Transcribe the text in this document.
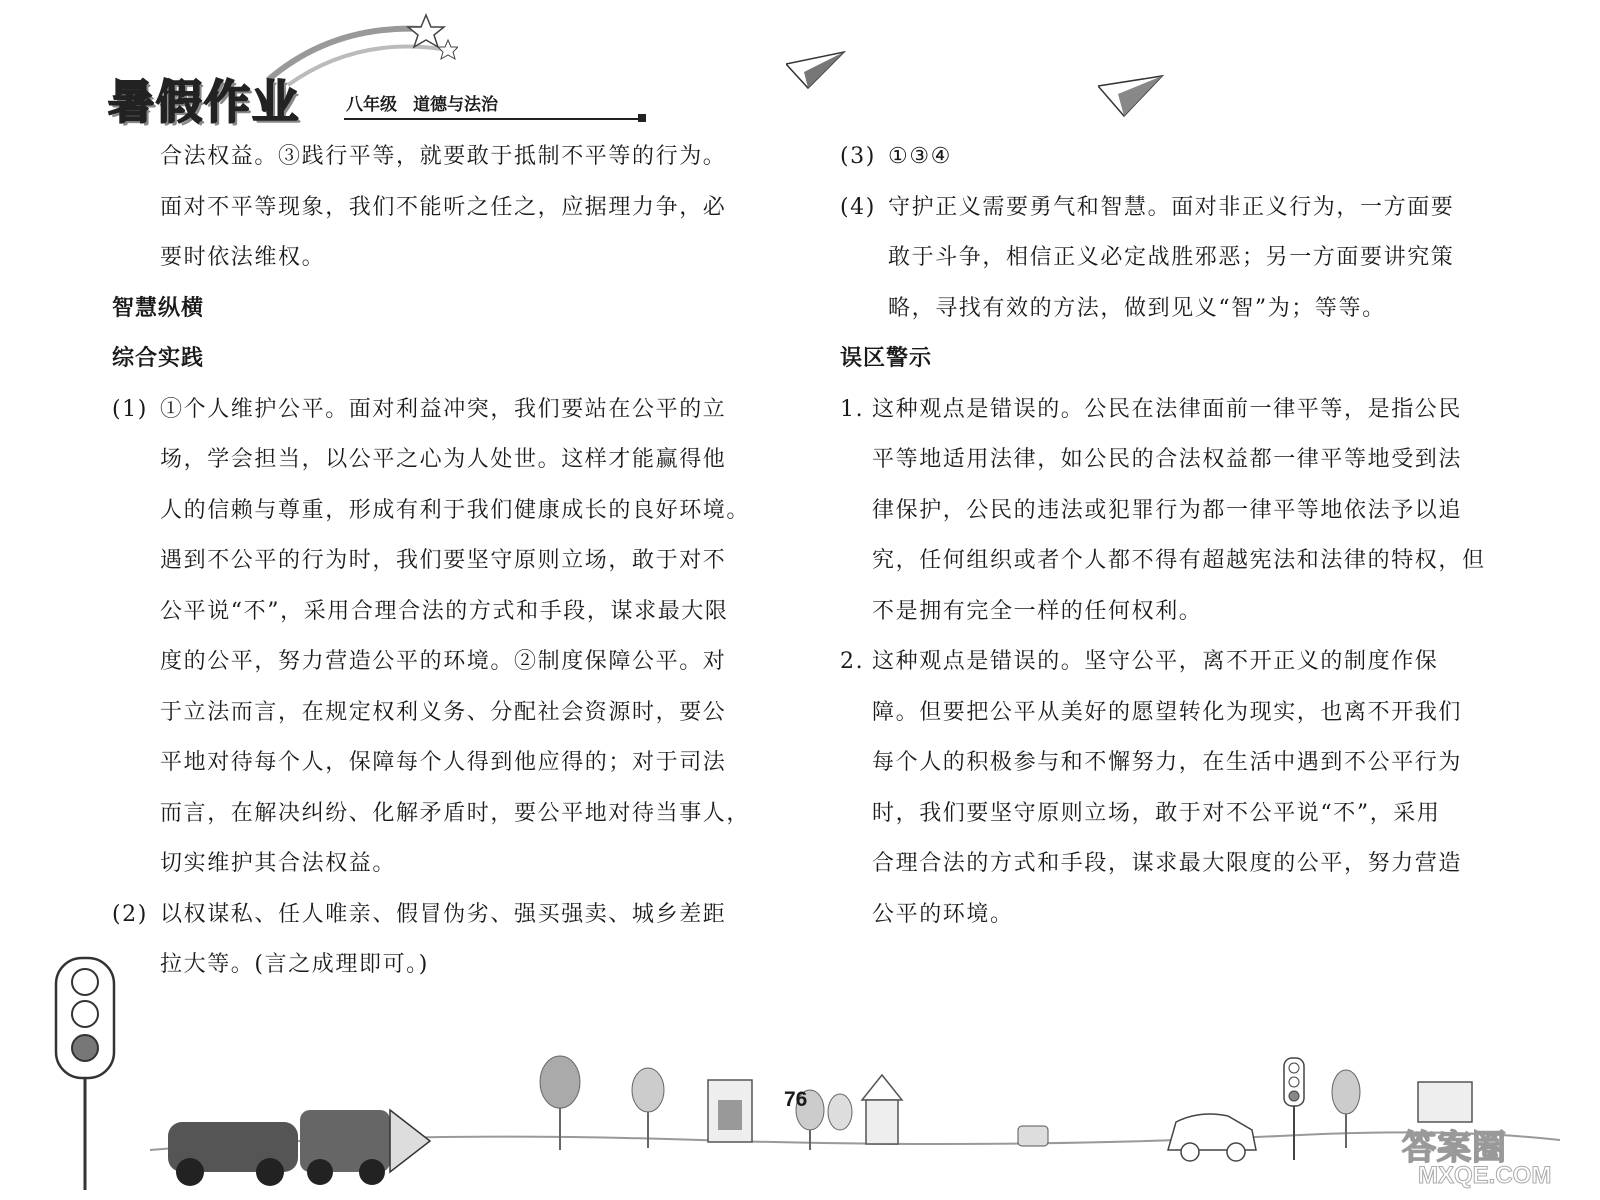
暑假作业	八年级 道德与法治
合法权益。③践行平等，就要敢于抵制不平等的行为。
面对不平等现象，我们不能听之任之，应据理力争，必
要时依法维权。
智慧纵横
综合实践
(1) ①个人维护公平。面对利益冲突，我们要站在公平的立
场，学会担当，以公平之心为人处世。这样才能赢得他
人的信赖与尊重，形成有利于我们健康成长的良好环境。
遇到不公平的行为时，我们要坚守原则立场，敢于对不
公平说“不”，采用合理合法的方式和手段，谋求最大限
度的公平，努力营造公平的环境。②制度保障公平。对
于立法而言，在规定权利义务、分配社会资源时，要公
平地对待每个人，保障每个人得到他应得的；对于司法
而言，在解决纠纷、化解矛盾时，要公平地对待当事人，
切实维护其合法权益。
(2) 以权谋私、任人唯亲、假冒伪劣、强买强卖、城乡差距
拉大等。(言之成理即可。)
(3) ①③④
(4) 守护正义需要勇气和智慧。面对非正义行为，一方面要
敢于斗争，相信正义必定战胜邪恶；另一方面要讲究策
略，寻找有效的方法，做到见义“智”为；等等。
误区警示
1. 这种观点是错误的。公民在法律面前一律平等，是指公民
平等地适用法律，如公民的合法权益都一律平等地受到法
律保护，公民的违法或犯罪行为都一律平等地依法予以追
究，任何组织或者个人都不得有超越宪法和法律的特权，但
不是拥有完全一样的任何权利。
2. 这种观点是错误的。坚守公平，离不开正义的制度作保
障。但要把公平从美好的愿望转化为现实，也离不开我们
每个人的积极参与和不懈努力，在生活中遇到不公平行为
时，我们要坚守原则立场，敢于对不公平说“不”，采用
合理合法的方式和手段，谋求最大限度的公平，努力营造
公平的环境。
76
答案圈
MXQE.COM
